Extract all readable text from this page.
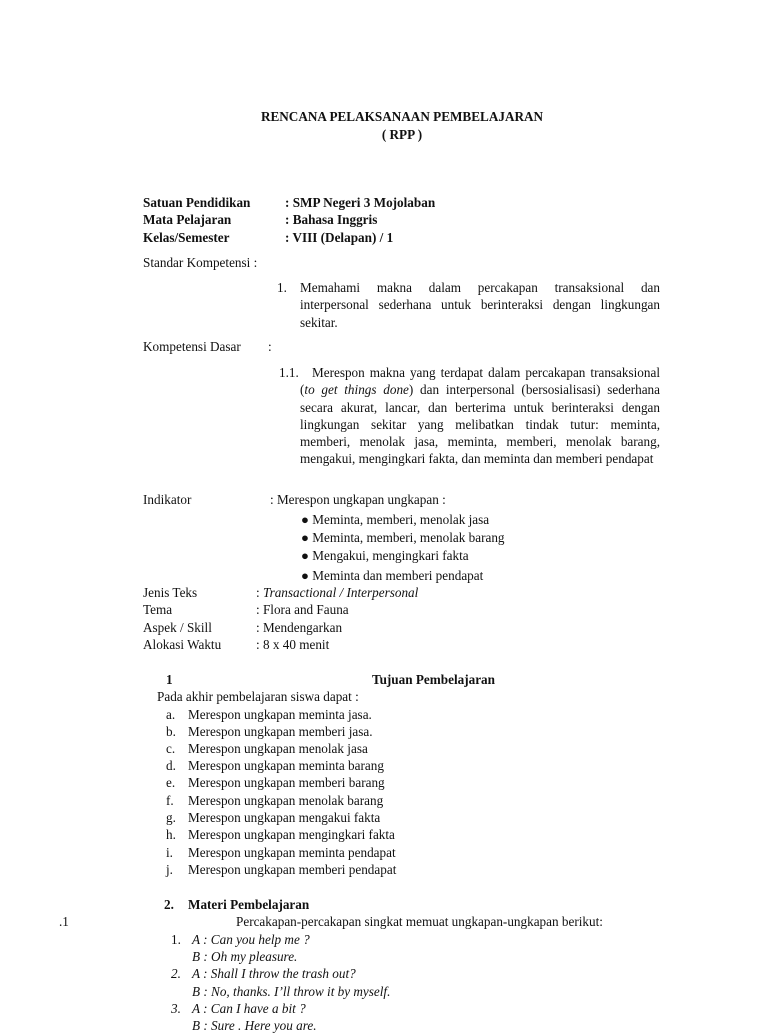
RENCANA PELAKSANAAN PEMBELAJARAN
( RPP )
Satuan Pendidikan	: SMP Negeri 3 Mojolaban
Mata Pelajaran	: Bahasa Inggris
Kelas/Semester	: VIII (Delapan) / 1
Standar Kompetensi :
1. Memahami makna dalam percakapan transaksional dan interpersonal sederhana untuk berinteraksi dengan lingkungan sekitar.
Kompetensi Dasar :
1.1.	Merespon makna yang terdapat dalam percakapan transaksional (to get things done) dan interpersonal (bersosialisasi) sederhana secara akurat, lancar, dan berterima untuk berinteraksi dengan lingkungan sekitar yang melibatkan tindak tutur: meminta, memberi, menolak jasa, meminta, memberi, menolak barang, mengakui, mengingkari fakta, dan meminta dan memberi pendapat
Indikator	: Merespon ungkapan ungkapan :
● Meminta, memberi, menolak jasa
● Meminta, memberi, menolak barang
● Mengakui, mengingkari fakta
● Meminta dan memberi pendapat
Jenis Teks	: Transactional / Interpersonal
Tema	: Flora and Fauna
Aspek / Skill	: Mendengarkan
Alokasi Waktu	: 8 x 40 menit
1	Tujuan Pembelajaran
Pada akhir pembelajaran siswa dapat :
a. Merespon ungkapan meminta jasa.
b. Merespon ungkapan memberi jasa.
c. Merespon ungkapan menolak jasa
d. Merespon ungkapan meminta barang
e. Merespon ungkapan memberi barang
f. Merespon ungkapan menolak barang
g. Merespon ungkapan mengakui fakta
h. Merespon ungkapan mengingkari fakta
i. Merespon ungkapan meminta pendapat
j. Merespon ungkapan memberi pendapat
2. Materi Pembelajaran
.1	Percakapan-percakapan singkat memuat ungkapan-ungkapan berikut:
1. A : Can you help me ?
B : Oh my pleasure.
2. A : Shall I throw the trash out?
B : No, thanks. I’ll throw it by myself.
3. A : Can I have a bit ?
B : Sure . Here you are.
